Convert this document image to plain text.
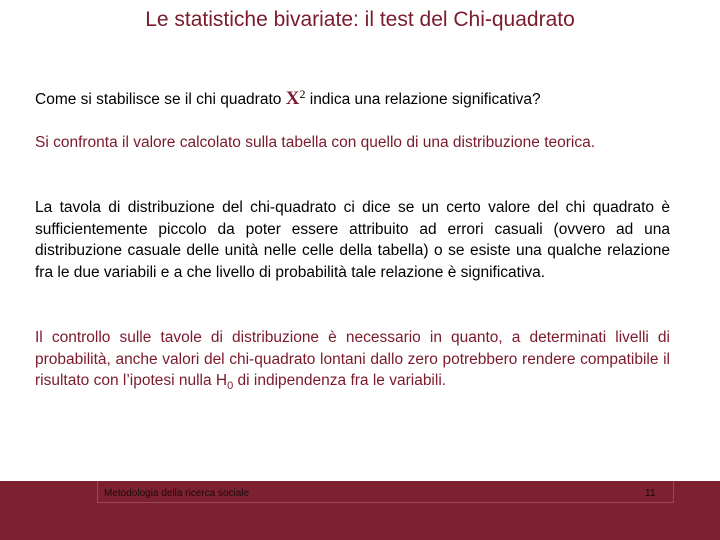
Le statistiche bivariate: il test del Chi-quadrato
Come si stabilisce se il chi quadrato $X^2$ indica una relazione significativa?
Si confronta il valore calcolato sulla tabella con quello di una distribuzione teorica.
La tavola di distribuzione del chi-quadrato ci dice se un certo valore del chi quadrato è sufficientemente piccolo da poter essere attribuito ad errori casuali (ovvero ad una distribuzione casuale delle unità nelle celle della tabella) o se esiste una qualche relazione fra le due variabili e a che livello di probabilità tale relazione è significativa.
Il controllo sulle tavole di distribuzione è necessario in quanto, a determinati livelli di probabilità, anche valori del chi-quadrato lontani dallo zero potrebbero rendere compatibile il risultato con l’ipotesi nulla $H_0$ di indipendenza fra le variabili.
Metodologia della ricerca sociale	11
